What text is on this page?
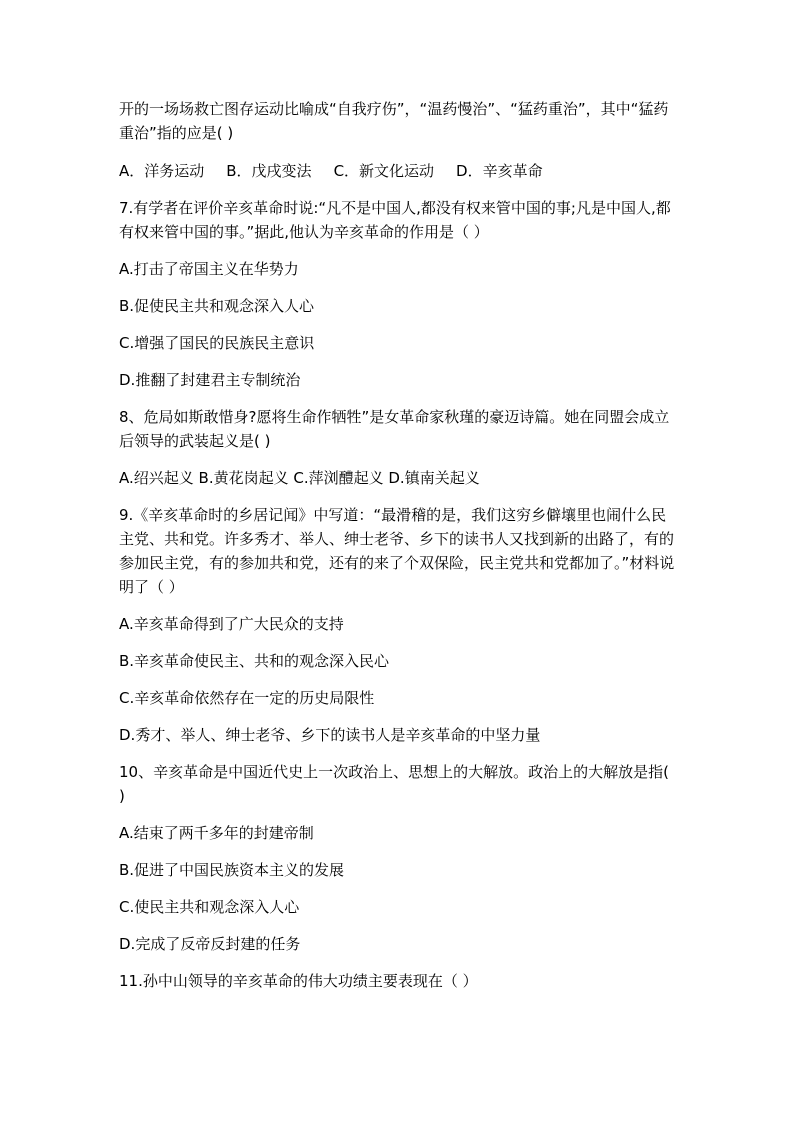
开的一场场救亡图存运动比喻成“自我疗伤”，“温药慢治”、“猛药重治”，其中“猛药重治”指的应是( )

A．洋务运动 B．戊戌变法 C．新文化运动 D．辛亥革命

7.有学者在评价辛亥革命时说:“凡不是中国人,都没有权来管中国的事;凡是中国人,都有权来管中国的事。”据此,他认为辛亥革命的作用是（ ）

A.打击了帝国主义在华势力

B.促使民主共和观念深入人心

C.增强了国民的民族民主意识

D.推翻了封建君主专制统治

8、危局如斯敢惜身?愿将生命作牺牲”是女革命家秋瑾的豪迈诗篇。她在同盟会成立后领导的武装起义是( )

A.绍兴起义 B.黄花岗起义 C.萍浏醴起义 D.镇南关起义

9.《辛亥革命时的乡居记闻》中写道：“最滑稽的是，我们这穷乡僻壤里也闹什么民主党、共和党。许多秀才、举人、绅士老爷、乡下的读书人又找到新的出路了，有的参加民主党，有的参加共和党，还有的来了个双保险，民主党共和党都加了。”材料说明了（ ）

A.辛亥革命得到了广大民众的支持

B.辛亥革命使民主、共和的观念深入民心

C.辛亥革命依然存在一定的历史局限性

D.秀才、举人、绅士老爷、乡下的读书人是辛亥革命的中坚力量

10、辛亥革命是中国近代史上一次政治上、思想上的大解放。政治上的大解放是指( )

A.结束了两千多年的封建帝制

B.促进了中国民族资本主义的发展

C.使民主共和观念深入人心

D.完成了反帝反封建的任务

11.孙中山领导的辛亥革命的伟大功绩主要表现在（ ）
